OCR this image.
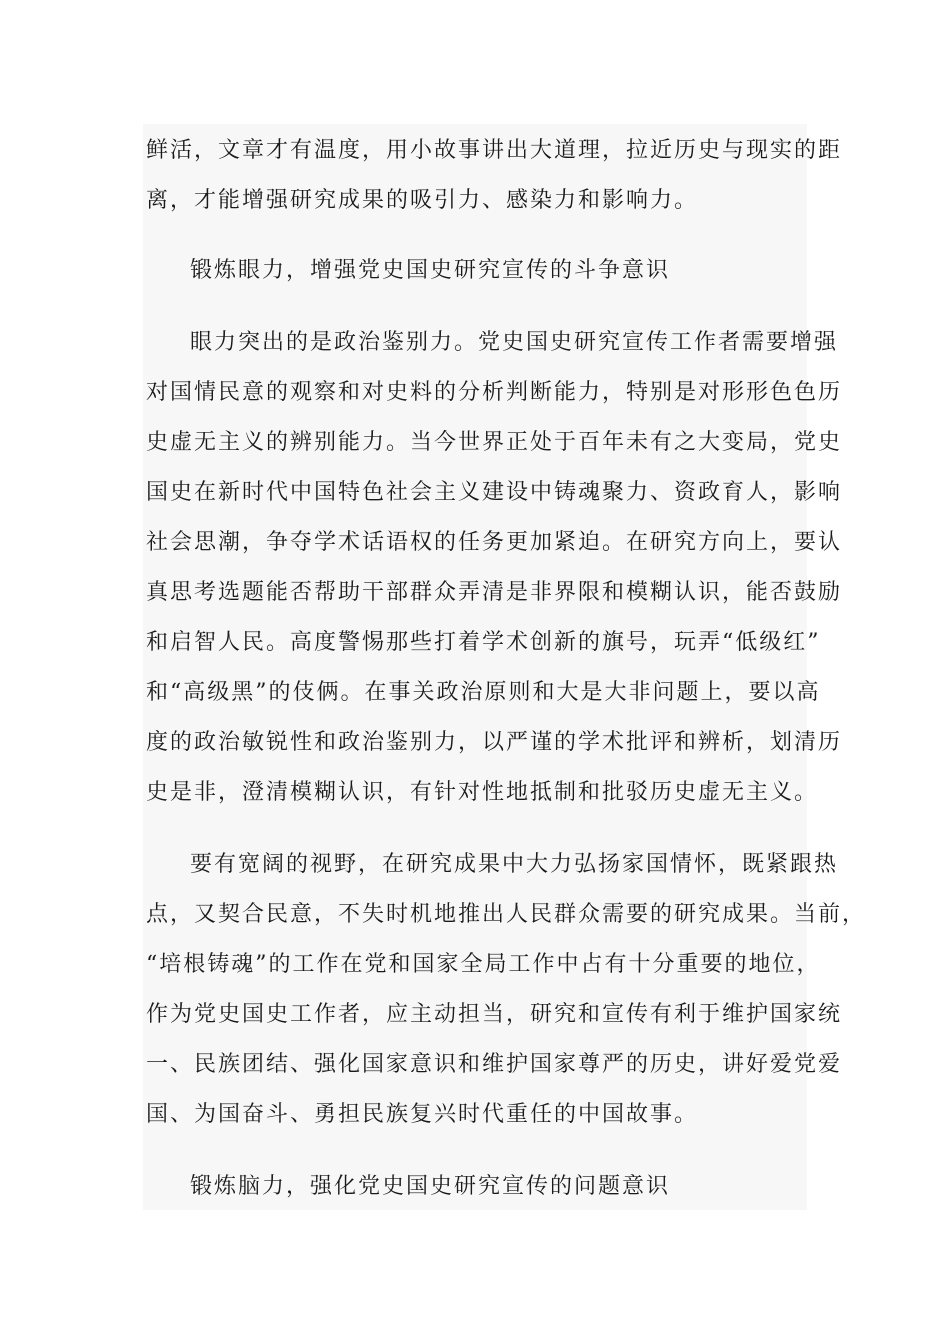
鲜活，文章才有温度，用小故事讲出大道理，拉近历史与现实的距
离，才能增强研究成果的吸引力、感染力和影响力。
锻炼眼力，增强党史国史研究宣传的斗争意识
眼力突出的是政治鉴别力。党史国史研究宣传工作者需要增强
对国情民意的观察和对史料的分析判断能力，特别是对形形色色历
史虚无主义的辨别能力。当今世界正处于百年未有之大变局，党史
国史在新时代中国特色社会主义建设中铸魂聚力、资政育人，影响
社会思潮，争夺学术话语权的任务更加紧迫。在研究方向上，要认
真思考选题能否帮助干部群众弄清是非界限和模糊认识，能否鼓励
和启智人民。高度警惕那些打着学术创新的旗号，玩弄“低级红”
和“高级黑”的伎俩。在事关政治原则和大是大非问题上，要以高
度的政治敏锐性和政治鉴别力，以严谨的学术批评和辨析，划清历
史是非，澄清模糊认识，有针对性地抵制和批驳历史虚无主义。
要有宽阔的视野，在研究成果中大力弘扬家国情怀，既紧跟热
点，又契合民意，不失时机地推出人民群众需要的研究成果。当前，
“培根铸魂”的工作在党和国家全局工作中占有十分重要的地位，
作为党史国史工作者，应主动担当，研究和宣传有利于维护国家统
一、民族团结、强化国家意识和维护国家尊严的历史，讲好爱党爱
国、为国奋斗、勇担民族复兴时代重任的中国故事。
锻炼脑力，强化党史国史研究宣传的问题意识
